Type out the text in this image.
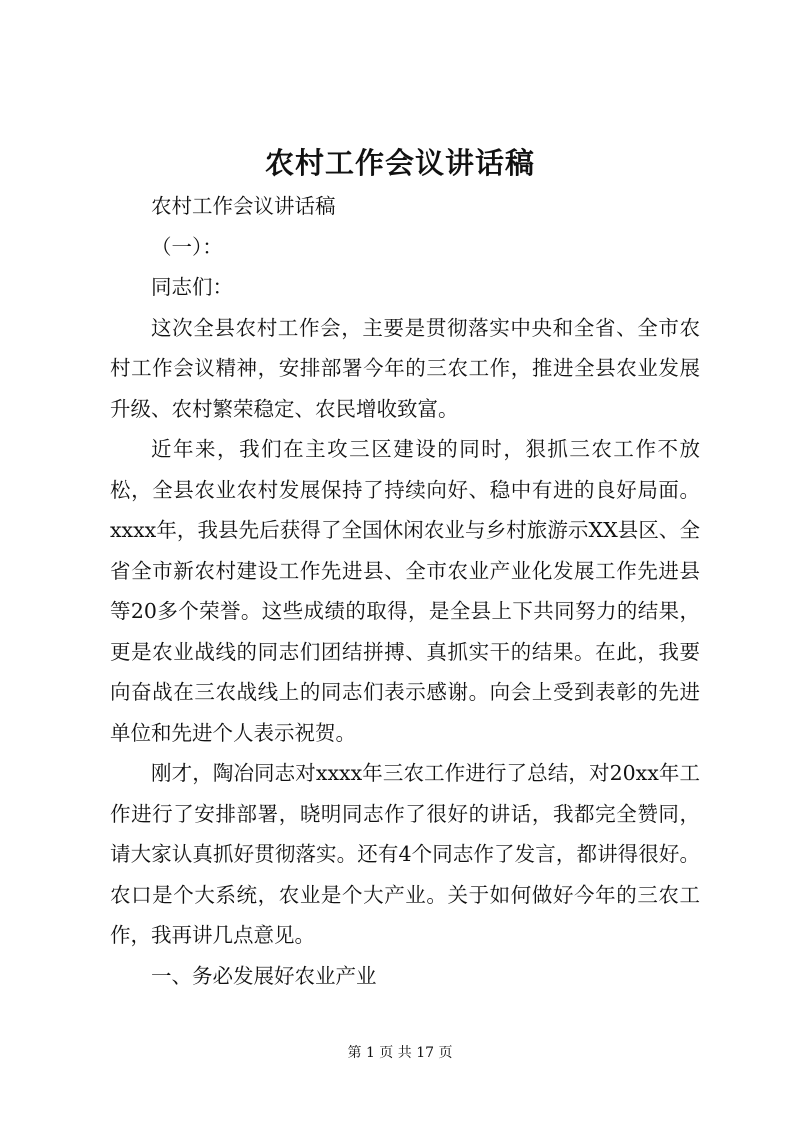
农村工作会议讲话稿

农村工作会议讲话稿

（一）：

同志们：

这次全县农村工作会，主要是贯彻落实中央和全省、全市农村工作会议精神，安排部署今年的三农工作，推进全县农业发展升级、农村繁荣稳定、农民增收致富。

近年来，我们在主攻三区建设的同时，狠抓三农工作不放松，全县农业农村发展保持了持续向好、稳中有进的良好局面。xxxx年，我县先后获得了全国休闲农业与乡村旅游示XX县区、全省全市新农村建设工作先进县、全市农业产业化发展工作先进县等20多个荣誉。这些成绩的取得，是全县上下共同努力的结果，更是农业战线的同志们团结拼搏、真抓实干的结果。在此，我要向奋战在三农战线上的同志们表示感谢。向会上受到表彰的先进单位和先进个人表示祝贺。

刚才，陶冶同志对xxxx年三农工作进行了总结，对20xx年工作进行了安排部署，晓明同志作了很好的讲话，我都完全赞同，请大家认真抓好贯彻落实。还有4个同志作了发言，都讲得很好。农口是个大系统，农业是个大产业。关于如何做好今年的三农工作，我再讲几点意见。

一、务必发展好农业产业

第 1 页 共 17 页
